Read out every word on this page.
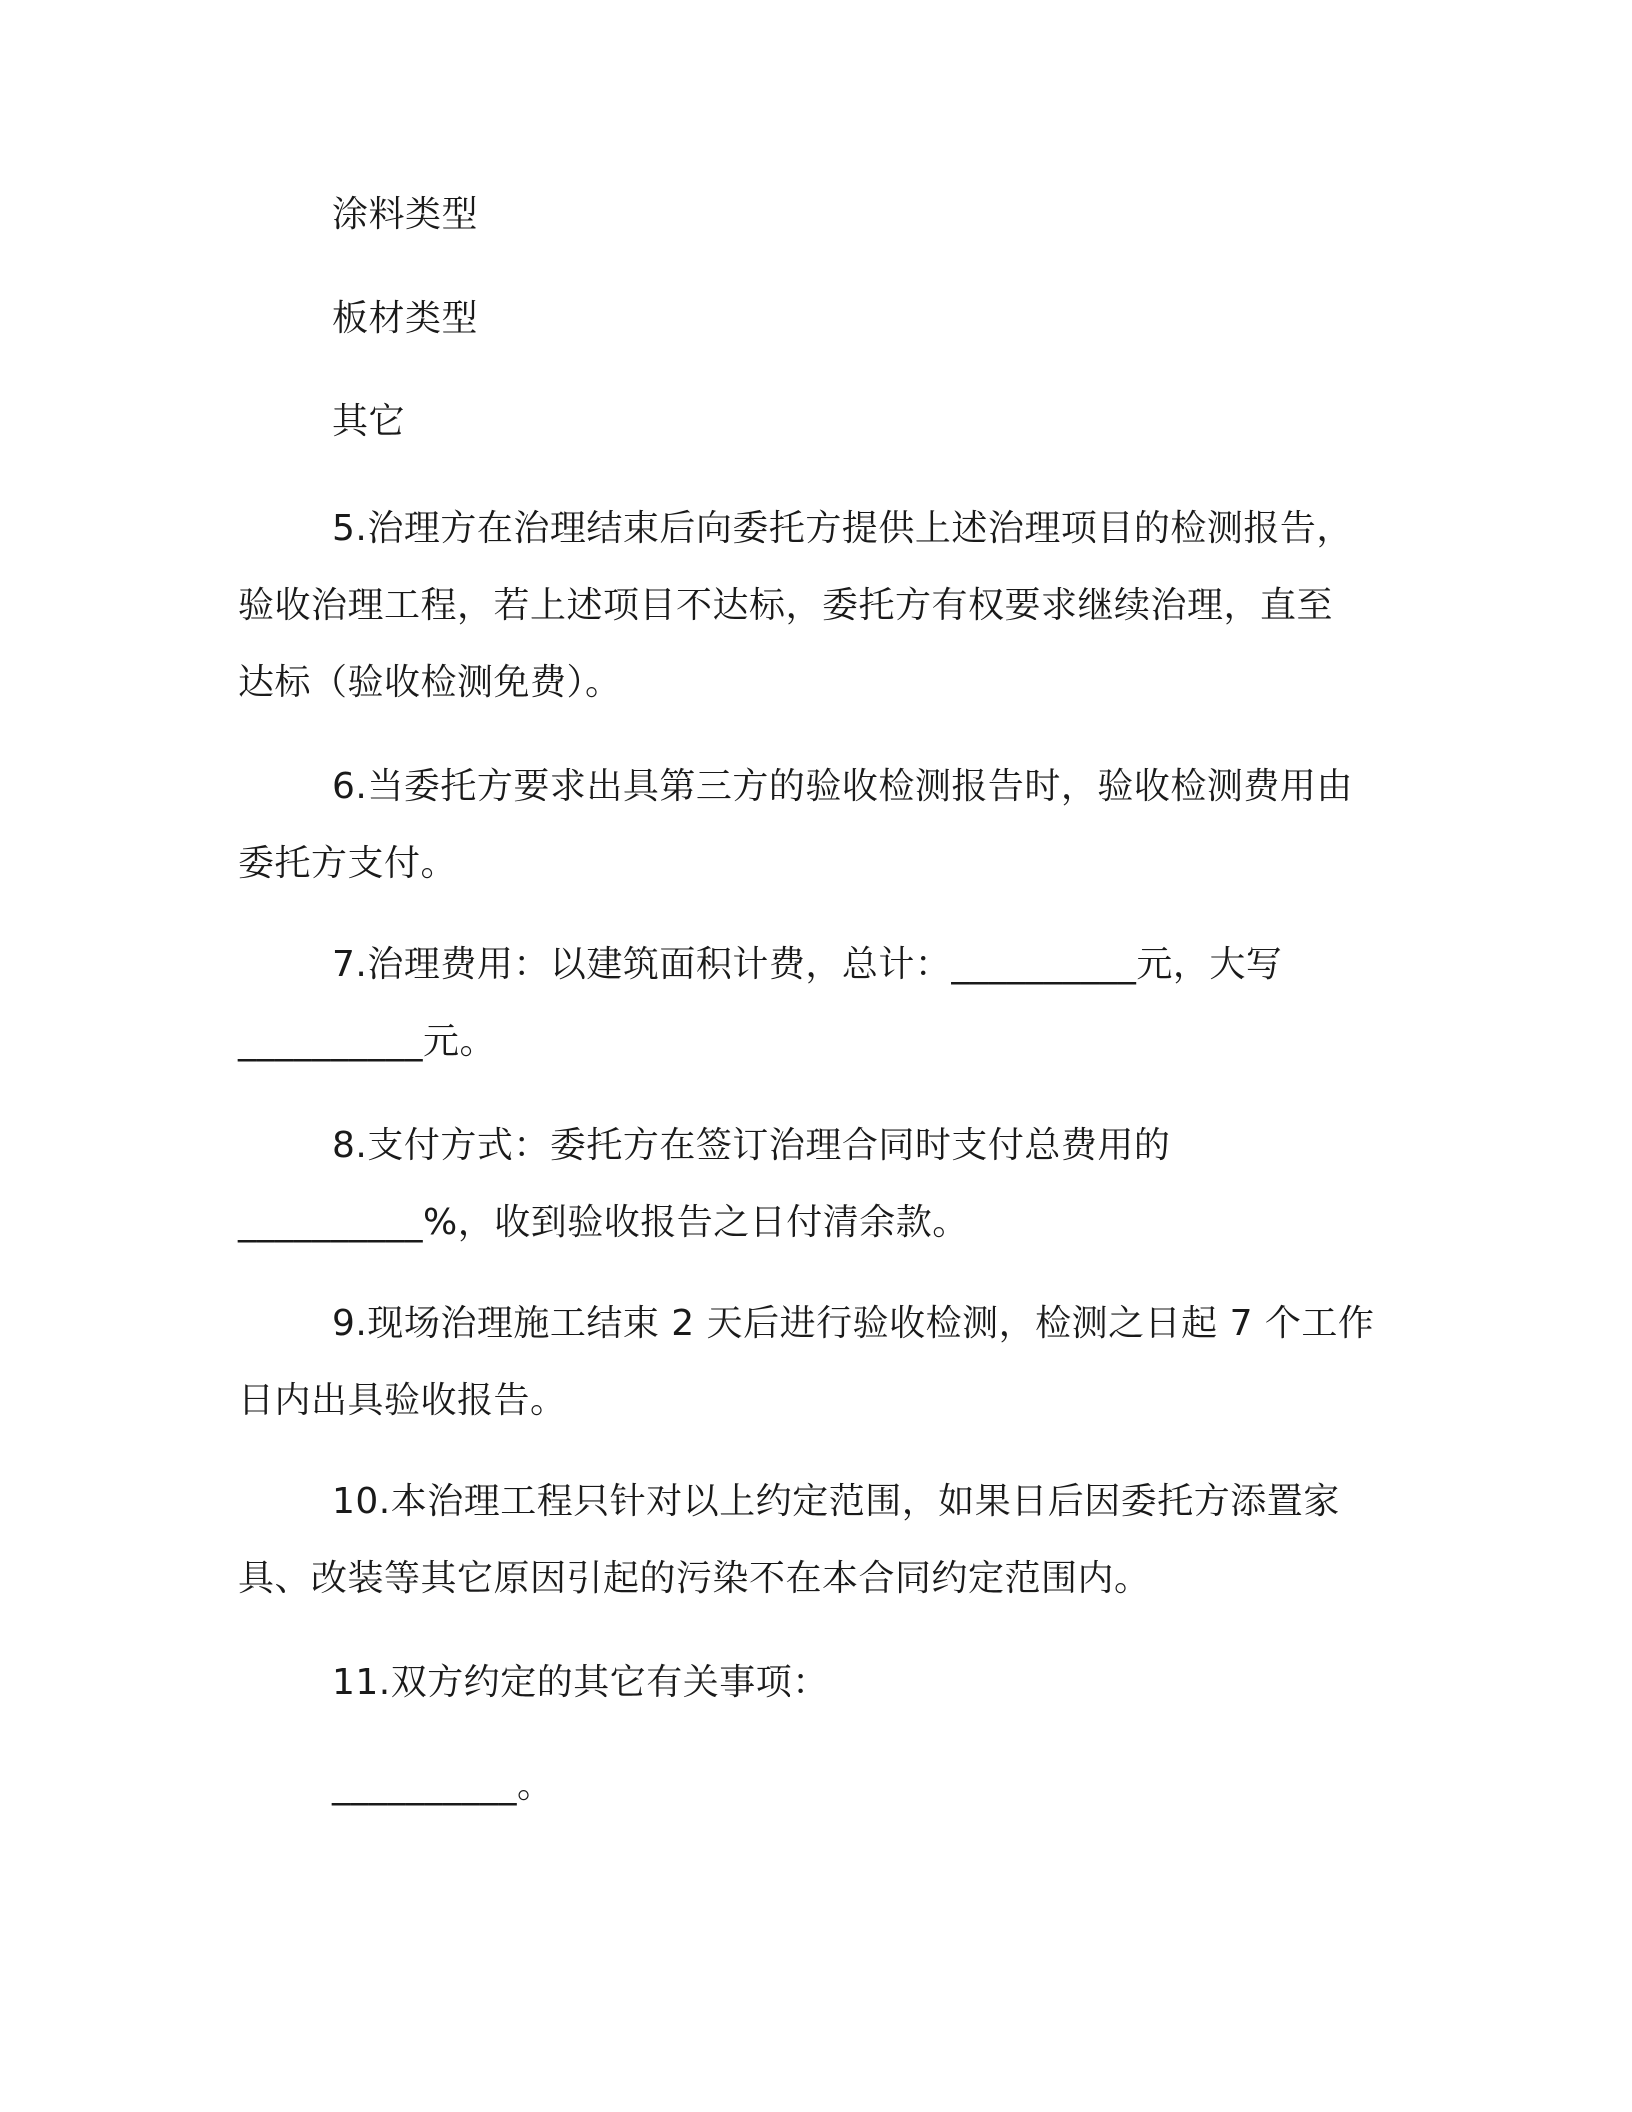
涂料类型
板材类型
其它
5.治理方在治理结束后向委托方提供上述治理项目的检测报告，
验收治理工程，若上述项目不达标，委托方有权要求继续治理，直至
达标（验收检测免费）。
6.当委托方要求出具第三方的验收检测报告时，验收检测费用由
委托方支付。
7.治理费用：以建筑面积计费，总计：__________元，大写
__________元。
8.支付方式：委托方在签订治理合同时支付总费用的
__________%，收到验收报告之日付清余款。
9.现场治理施工结束 2 天后进行验收检测，检测之日起 7 个工作
日内出具验收报告。
10.本治理工程只针对以上约定范围，如果日后因委托方添置家
具、改装等其它原因引起的污染不在本合同约定范围内。
11.双方约定的其它有关事项：
__________。
